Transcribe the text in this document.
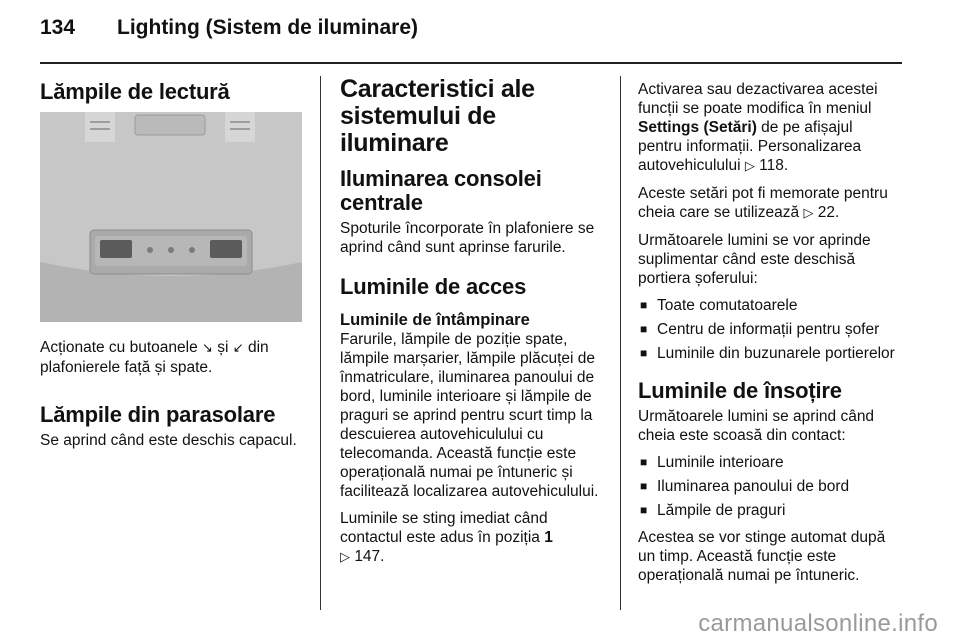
134 Lighting (Sistem de iluminare)
Lămpile de lectură

Acționate cu butoanele ↘ și ↙ din plafonierele față și spate.

Lămpile din parasolare

Se aprind când este deschis capacul.

Caracteristici ale sistemului de iluminare
Iluminarea consolei centrale

Spoturile încorporate în plafoniere se aprind când sunt aprinse farurile.

Luminile de acces
Luminile de întâmpinare

Farurile, lămpile de poziție spate, lămpile marșarier, lămpile plăcuței de înmatriculare, iluminarea panoului de bord, luminile interioare și lămpile de praguri se aprind pentru scurt timp la descuierea autovehiculului cu telecomanda. Această funcție este operațională numai pe întuneric și facilitează localizarea autovehiculului.

Luminile se sting imediat când contactul este adus în poziția 1
▷ 147.

Activarea sau dezactivarea acestei funcții se poate modifica în meniul Settings (Setări) de pe afișajul pentru informații. Personalizarea autovehiculului ▷ 118.

Aceste setări pot fi memorate pentru cheia care se utilizează ▷ 22.

Următoarele lumini se vor aprinde suplimentar când este deschisă portiera șoferului:

■ Toate comutatoarele
■ Centru de informații pentru șofer
■ Luminile din buzunarele portierelor
Luminile de însoțire

Următoarele lumini se aprind când cheia este scoasă din contact:

■ Luminile interioare
■ Iluminarea panoului de bord
■ Lămpile de praguri

Acestea se vor stinge automat după un timp. Această funcție este operațională numai pe întuneric.

carmanualsonline.info
